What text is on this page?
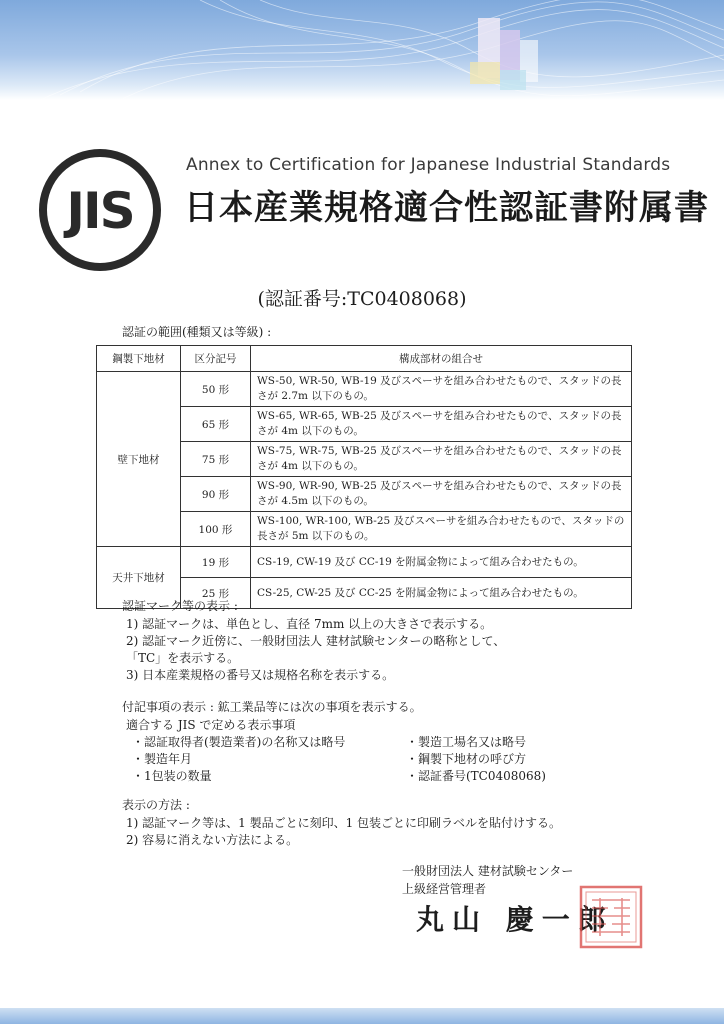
JIS
Annex to Certification for Japanese Industrial Standards
日本産業規格適合性認証書附属書
(認証番号:TC0408068)
認証の範囲(種類又は等級) :
鋼製下地材	区分記号	構成部材の組合せ
壁下地材	50 形	WS-50, WR-50, WB-19 及びスペーサを組み合わせたもので、スタッドの長さが 2.7m 以下のもの。
	65 形	WS-65, WR-65, WB-25 及びスペーサを組み合わせたもので、スタッドの長さが 4m 以下のもの。
	75 形	WS-75, WR-75, WB-25 及びスペーサを組み合わせたもので、スタッドの長さが 4m 以下のもの。
	90 形	WS-90, WR-90, WB-25 及びスペーサを組み合わせたもので、スタッドの長さが 4.5m 以下のもの。
	100 形	WS-100, WR-100, WB-25 及びスペーサを組み合わせたもので、スタッドの長さが 5m 以下のもの。
天井下地材	19 形	CS-19, CW-19 及び CC-19 を附属金物によって組み合わせたもの。
	25 形	CS-25, CW-25 及び CC-25 を附属金物によって組み合わせたもの。
認証マーク等の表示 :
1) 認証マークは、単色とし、直径 7mm 以上の大きさで表示する。
2) 認証マーク近傍に、一般財団法人 建材試験センターの略称として、
「TC」を表示する。
3) 日本産業規格の番号又は規格名称を表示する。
付記事項の表示 : 鉱工業品等には次の事項を表示する。
適合する JIS で定める表示事項
・認証取得者(製造業者)の名称又は略号
・製造年月
・1包装の数量
・製造工場名又は略号
・鋼製下地材の呼び方
・認証番号(TC0408068)
表示の方法 :
1) 認証マーク等は、1 製品ごとに刻印、1 包装ごとに印刷ラベルを貼付けする。
2) 容易に消えない方法による。
一般財団法人 建材試験センター
上級経営管理者
丸山 慶一郎
